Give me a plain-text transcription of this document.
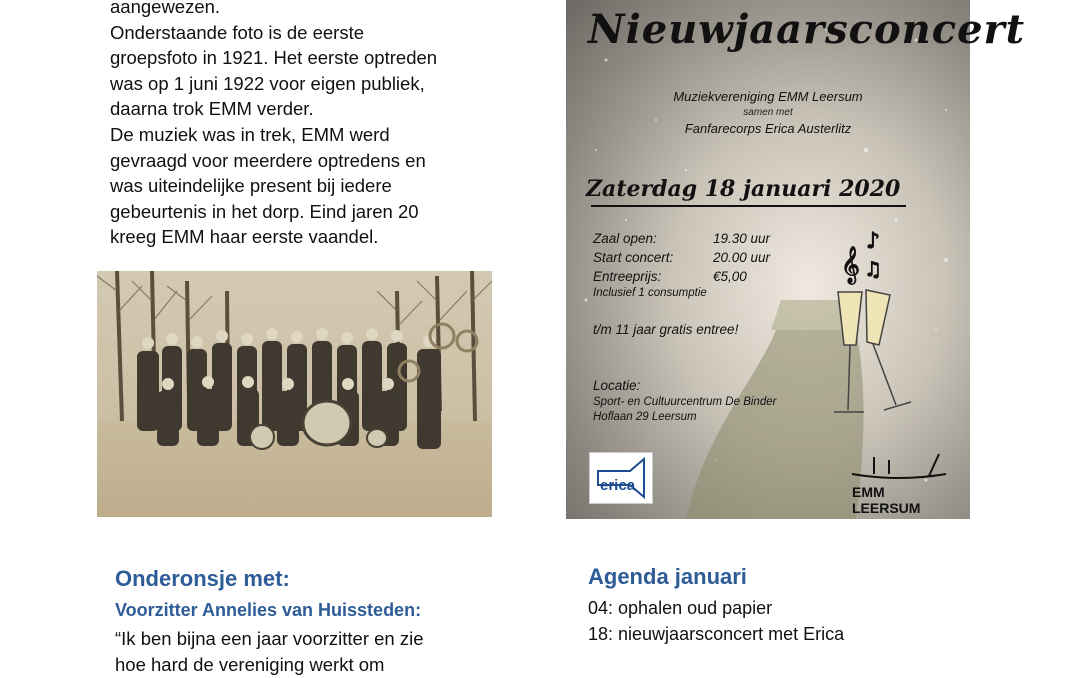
aangewezen.

Onderstaande foto is de eerste

groepsfoto in 1921. Het eerste optreden

was op 1 juni 1922 voor eigen publiek,

daarna trok EMM verder.

De muziek was in trek, EMM werd

gevraagd voor meerdere optredens en

was uiteindelijke present bij iedere

gebeurtenis in het dorp. Eind jaren 20

kreeg EMM haar eerste vaandel.

𝄞
♪
♫
Nieuwjaarsconcert
Muziekvereniging EMM Leersum
samen met
Fanfarecorps Erica Austerlitz
Zaterdag 18 januari 2020
Zaal open:	19.30 uur
Start concert:	20.00 uur
Entreeprijs:	€5,00
Inclusief 1 consumptie
t/m 11 jaar gratis entree!
Locatie:
Sport- en Cultuurcentrum De Binder
Hoflaan 29 Leersum
erica	EMM LEERSUM
Onderonsje met:
Voorzitter Annelies van Huissteden:
“Ik ben bijna een jaar voorzitter en zie
hoe hard de vereniging werkt om
Agenda januari
04: ophalen oud papier
18: nieuwjaarsconcert met Erica
